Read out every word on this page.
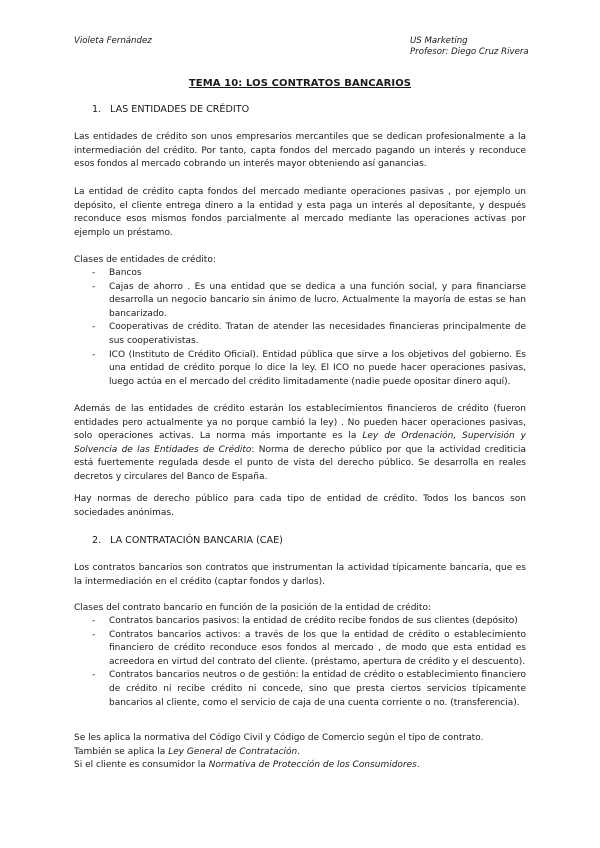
Violeta Fernández	US Marketing
Profesor: Diego Cruz Rivera
TEMA 10: LOS CONTRATOS BANCARIOS
1. LAS ENTIDADES DE CRÉDITO

Las entidades de crédito son unos empresarios mercantiles que se dedican profesionalmente a la intermediación del crédito. Por tanto, capta fondos del mercado pagando un interés y reconduce esos fondos al mercado cobrando un interés mayor obteniendo así ganancias.

La entidad de crédito capta fondos del mercado mediante operaciones pasivas , por ejemplo un depósito, el cliente entrega dinero a la entidad y esta paga un interés al depositante, y después reconduce esos mismos fondos parcialmente al mercado mediante las operaciones activas por ejemplo un préstamo.

Clases de entidades de crédito:

- Bancos
- Cajas de ahorro . Es una entidad que se dedica a una función social, y para financiarse desarrolla un negocio bancario sin ánimo de lucro. Actualmente la mayoría de estas se han bancarizado.
- Cooperativas de crédito. Tratan de atender las necesidades financieras principalmente de sus cooperativistas.
- ICO (Instituto de Crédito Oficial). Entidad pública que sirve a los objetivos del gobierno. Es una entidad de crédito porque lo dice la ley. El ICO no puede hacer operaciones pasivas, luego actúa en el mercado del crédito limitadamente (nadie puede opositar dinero aquí).

Además de las entidades de crédito estarán los establecimientos financieros de crédito (fueron entidades pero actualmente ya no porque cambió la ley) . No pueden hacer operaciones pasivas, solo operaciones activas. La norma más importante es la Ley de Ordenación, Supervisión y Solvencia de las Entidades de Crédito: Norma de derecho público por que la actividad crediticia está fuertemente regulada desde el punto de vista del derecho público. Se desarrolla en reales decretos y circulares del Banco de España.

Hay normas de derecho público para cada tipo de entidad de crédito. Todos los bancos son sociedades anónimas.

2. LA CONTRATACIÓN BANCARIA (CAE)

Los contratos bancarios son contratos que instrumentan la actividad típicamente bancaria, que es la intermediación en el crédito (captar fondos y darlos).

Clases del contrato bancario en función de la posición de la entidad de crédito:

- Contratos bancarios pasivos: la entidad de crédito recibe fondos de sus clientes (depósito)
- Contratos bancarios activos: a través de los que la entidad de crédito o establecimiento financiero de crédito reconduce esos fondos al mercado , de modo que esta entidad es acreedora en virtud del contrato del cliente. (préstamo, apertura de crédito y el descuento).
- Contratos bancarios neutros o de gestión: la entidad de crédito o establecimiento financiero de crédito ni recibe crédito ni concede, sino que presta ciertos servicios típicamente bancarios al cliente, como el servicio de caja de una cuenta corriente o no. (transferencia).
Se les aplica la normativa del Código Civil y Código de Comercio según el tipo de contrato.
También se aplica la Ley General de Contratación.
Si el cliente es consumidor la Normativa de Protección de los Consumidores.
